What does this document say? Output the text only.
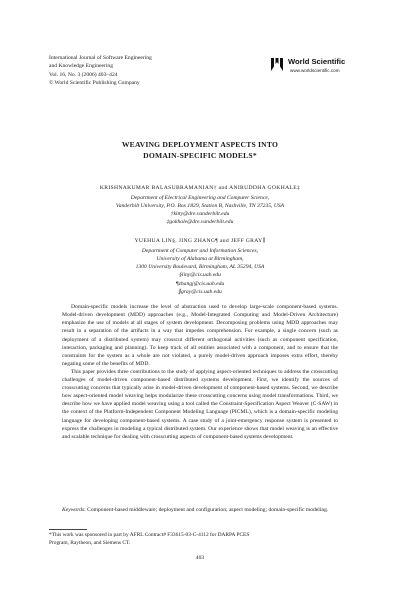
International Journal of Software Engineering
and Knowledge Engineering
Vol. 16, No. 3 (2006) 403–424
© World Scientific Publishing Company
World Scientific
www.worldscientific.com
WEAVING DEPLOYMENT ASPECTS INTO
DOMAIN-SPECIFIC MODELS*
KRISHNAKUMAR BALASUBRAMANIAN† and ANIRUDDHA GOKHALE‡
Department of Electrical Engineering and Computer Science,
Vanderbilt University, P.O. Box 1829, Station B, Nashville, TN 37235, USA
†kitty@dre.vanderbilt.edu
‡gokhale@dre.vanderbilt.edu
YUEHUA LIN§, JING ZHANG¶ and JEFF GRAY∥
Department of Computer and Information Sciences,
University of Alabama at Birmingham,
1300 University Boulevard, Birmingham, AL 35294, USA
§liny@cis.uab.edu
¶zhangj@cis.uab.edu
∥gray@cis.uab.edu

Domain-specific models increase the level of abstraction used to develop large-scale component-based systems. Model-driven development (MDD) approaches (e.g., Model-Integrated Computing and Model-Driven Architecture) emphasize the use of models at all stages of system development. Decomposing problems using MDD approaches may result in a separation of the artifacts in a way that impedes comprehension. For example, a single concern (such as deployment of a distributed system) may crosscut different orthogonal activities (such as component specification, interaction, packaging and planning). To keep track of all entities associated with a component, and to ensure that the constraints for the system as a whole are not violated, a purely model-driven approach imposes extra effort, thereby negating some of the benefits of MDD.

This paper provides three contributions to the study of applying aspect-oriented techniques to address the crosscutting challenges of model-driven component-based distributed systems development. First, we identify the sources of crosscutting concerns that typically arise in model-driven development of component-based systems. Second, we describe how aspect-oriented model weaving helps modularize these crosscutting concerns using model transformations. Third, we describe how we have applied model weaving using a tool called the Constraint-Specification Aspect Weaver (C-SAW) in the context of the Platform-Independent Component Modeling Language (PICML), which is a domain-specific modeling language for developing component-based systems. A case study of a joint-emergency response system is presented to express the challenges in modeling a typical distributed system. Our experience shows that model weaving is an effective and scalable technique for dealing with crosscutting aspects of component-based systems development.

Keywords: Component-based middleware; deployment and configuration; aspect modeling; domain-specific modeling.
*This work was sponsored in part by AFRL Contract# F33615-03-C-4112 for DARPA PCES
Program, Raytheon, and Siemens CT.
403
